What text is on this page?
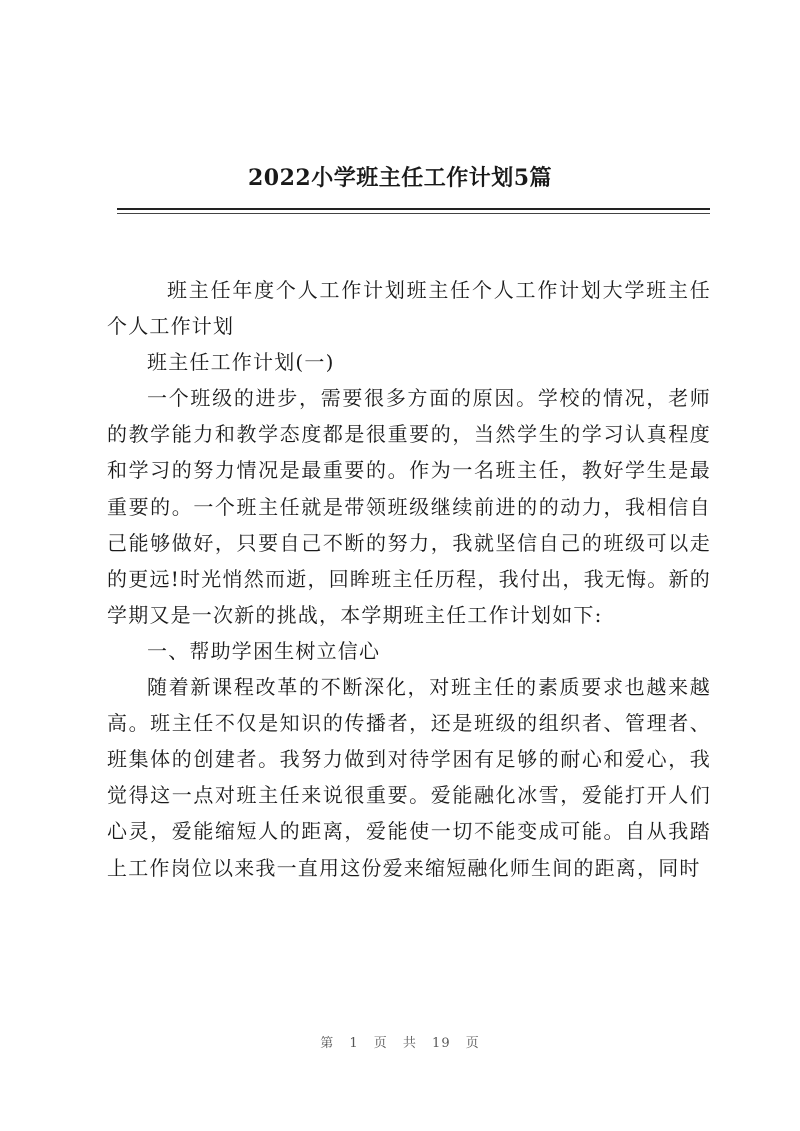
2022小学班主任工作计划5篇

班主任年度个人工作计划班主任个人工作计划大学班主任个人工作计划

班主任工作计划(一)

一个班级的进步，需要很多方面的原因。学校的情况，老师的教学能力和教学态度都是很重要的，当然学生的学习认真程度和学习的努力情况是最重要的。作为一名班主任，教好学生是最重要的。一个班主任就是带领班级继续前进的的动力，我相信自己能够做好，只要自己不断的努力，我就坚信自己的班级可以走的更远!时光悄然而逝，回眸班主任历程，我付出，我无悔。新的学期又是一次新的挑战，本学期班主任工作计划如下:

一、帮助学困生树立信心

随着新课程改革的不断深化，对班主任的素质要求也越来越高。班主任不仅是知识的传播者，还是班级的组织者、管理者、班集体的创建者。我努力做到对待学困有足够的耐心和爱心，我觉得这一点对班主任来说很重要。爱能融化冰雪，爱能打开人们心灵，爱能缩短人的距离，爱能使一切不能变成可能。自从我踏上工作岗位以来我一直用这份爱来缩短融化师生间的距离，同时

第 1 页 共 19 页
